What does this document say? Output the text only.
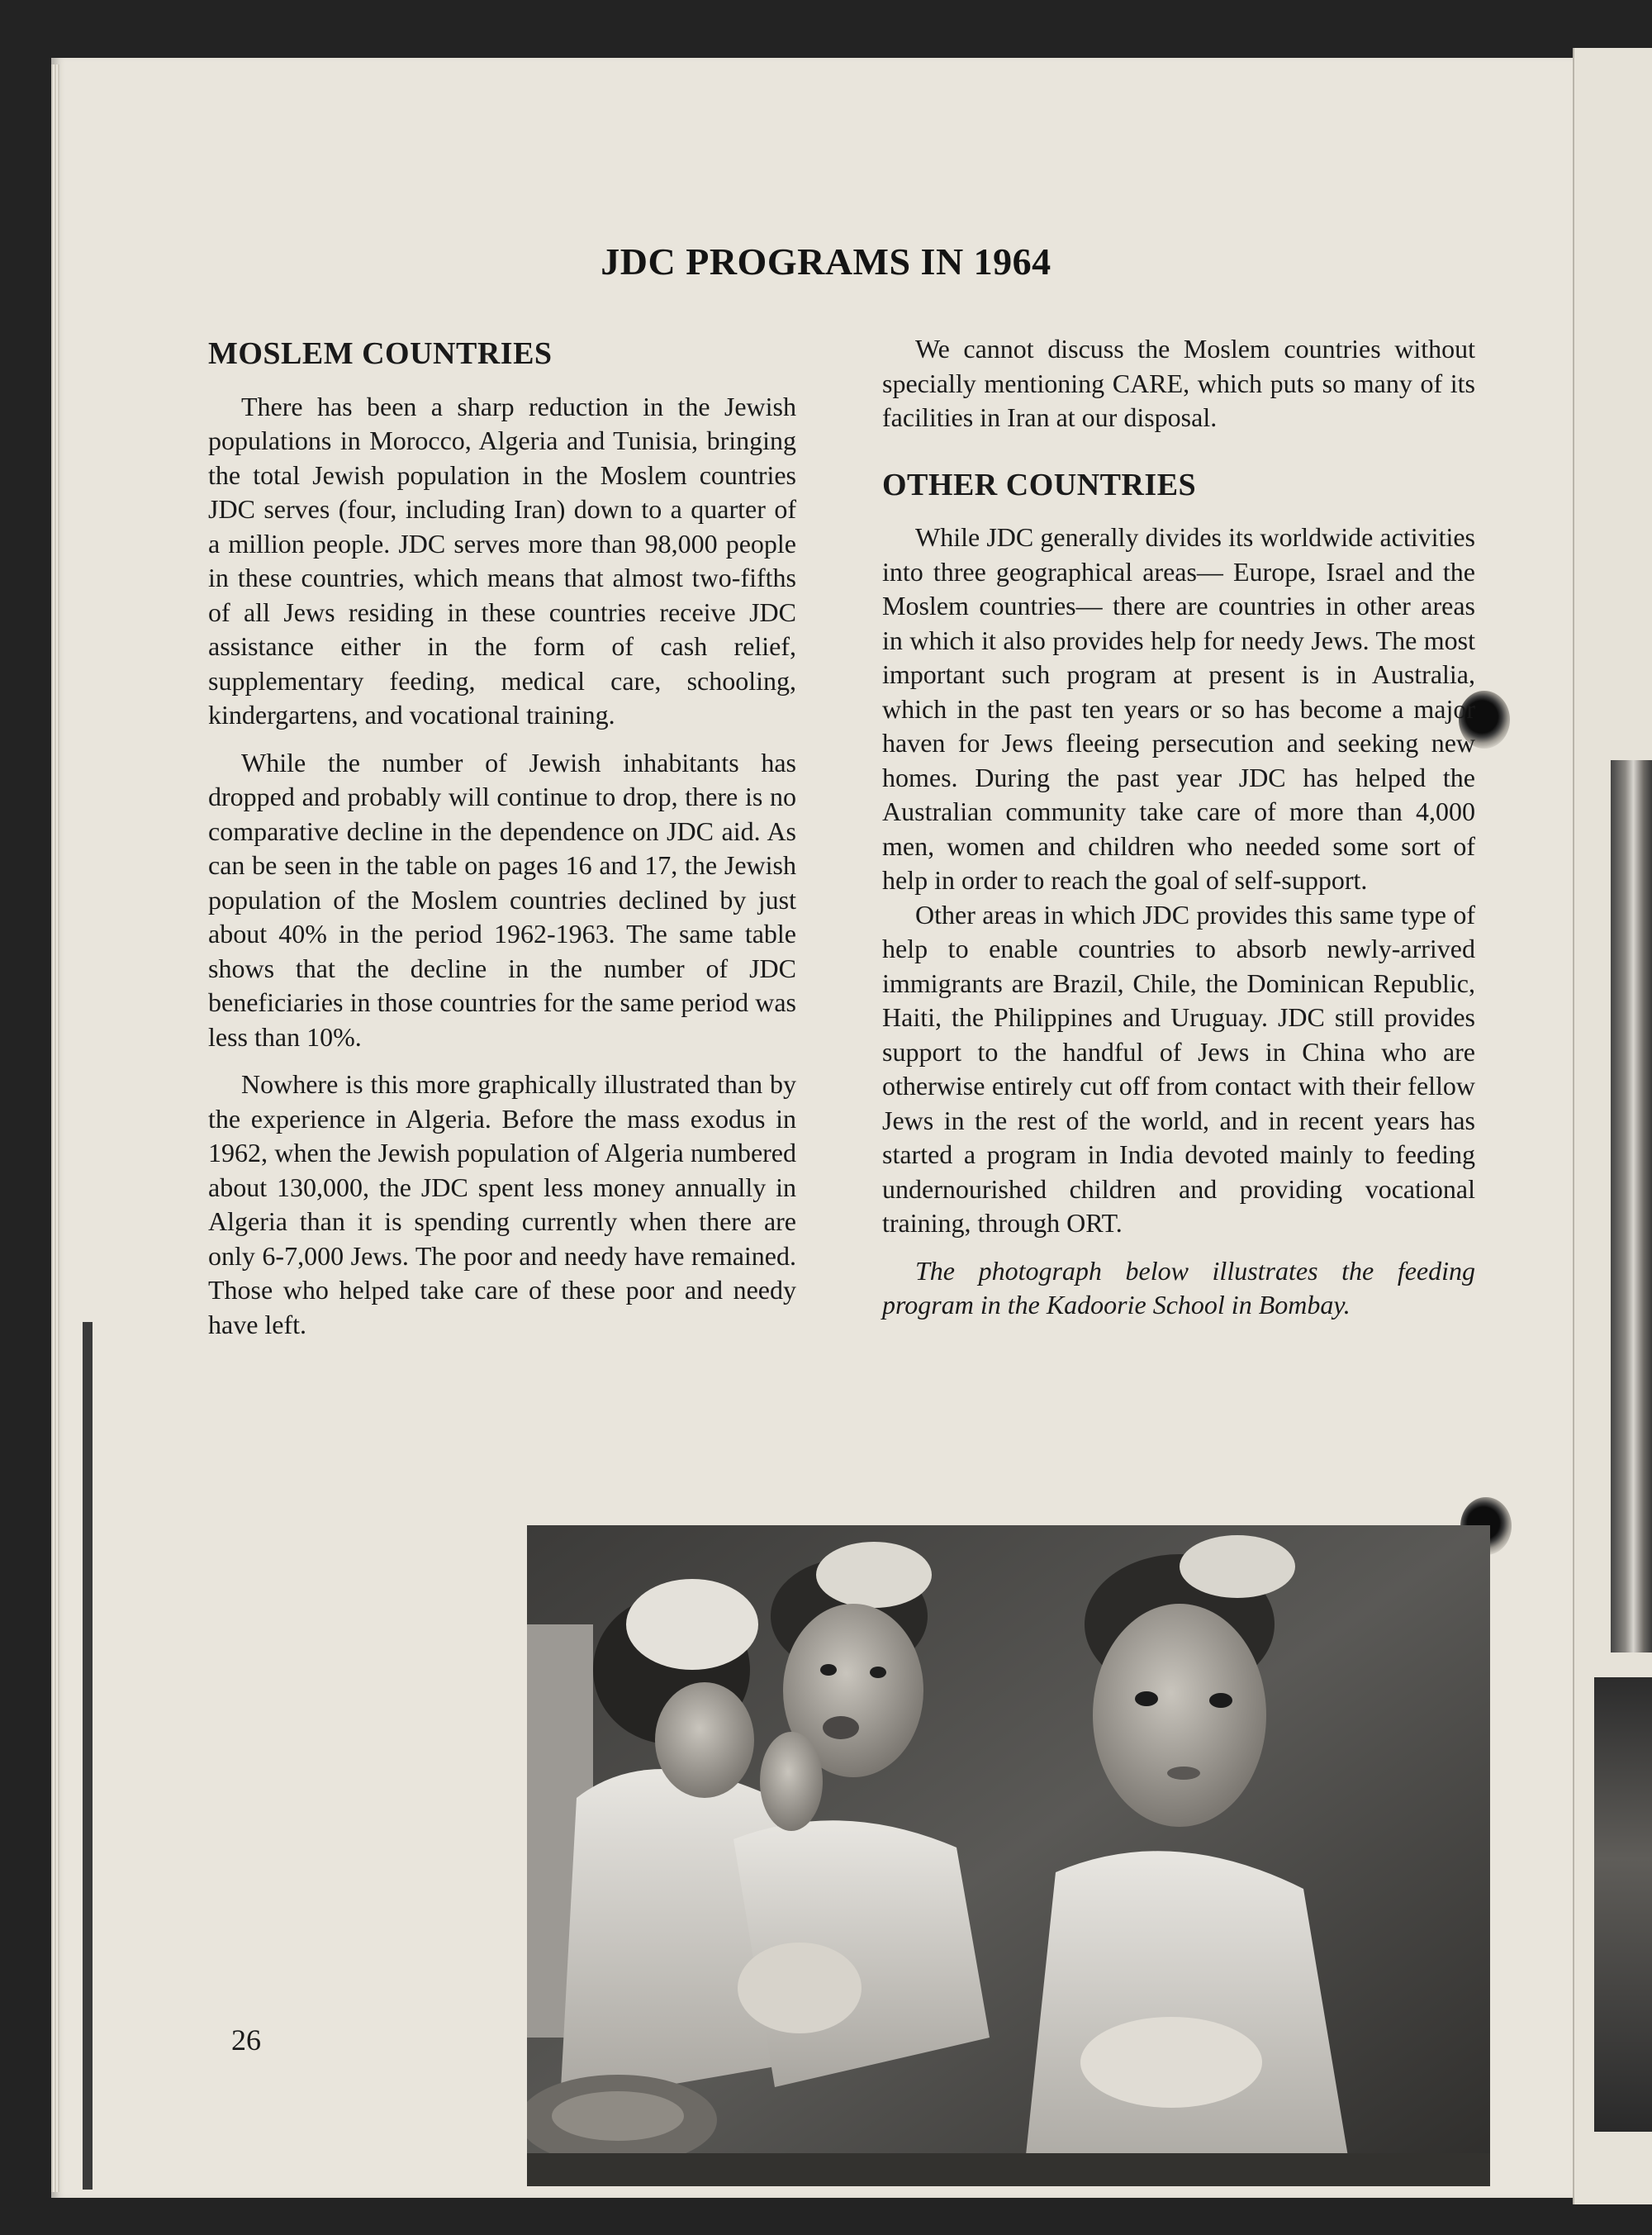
JDC PROGRAMS IN 1964
MOSLEM COUNTRIES

There has been a sharp reduction in the Jewish populations in Morocco, Algeria and Tunisia, bringing the total Jewish population in the Moslem countries JDC serves (four, including Iran) down to a quarter of a million people. JDC serves more than 98,000 people in these countries, which means that almost two-fifths of all Jews residing in these countries receive JDC assistance either in the form of cash relief, supplementary feeding, medical care, schooling, kindergartens, and vocational training.

While the number of Jewish inhabitants has dropped and probably will continue to drop, there is no comparative decline in the dependence on JDC aid. As can be seen in the table on pages 16 and 17, the Jewish population of the Moslem countries declined by just about 40% in the period 1962-1963. The same table shows that the decline in the number of JDC beneficiaries in those countries for the same period was less than 10%.

Nowhere is this more graphically illustrated than by the experience in Algeria. Before the mass exodus in 1962, when the Jewish population of Algeria numbered about 130,000, the JDC spent less money annually in Algeria than it is spending currently when there are only 6-7,000 Jews. The poor and needy have remained. Those who helped take care of these poor and needy have left.

We cannot discuss the Moslem countries without specially mentioning CARE, which puts so many of its facilities in Iran at our disposal.

OTHER COUNTRIES

While JDC generally divides its worldwide activities into three geographical areas— Europe, Israel and the Moslem countries— there are countries in other areas in which it also provides help for needy Jews. The most important such program at present is in Australia, which in the past ten years or so has become a major haven for Jews fleeing persecution and seeking new homes. During the past year JDC has helped the Australian community take care of more than 4,000 men, women and children who needed some sort of help in order to reach the goal of self-support.

Other areas in which JDC provides this same type of help to enable countries to absorb newly-arrived immigrants are Brazil, Chile, the Dominican Republic, Haiti, the Philippines and Uruguay. JDC still provides support to the handful of Jews in China who are otherwise entirely cut off from contact with their fellow Jews in the rest of the world, and in recent years has started a program in India devoted mainly to feeding undernourished children and providing vocational training, through ORT.

The photograph below illustrates the feeding program in the Kadoorie School in Bombay.

26
